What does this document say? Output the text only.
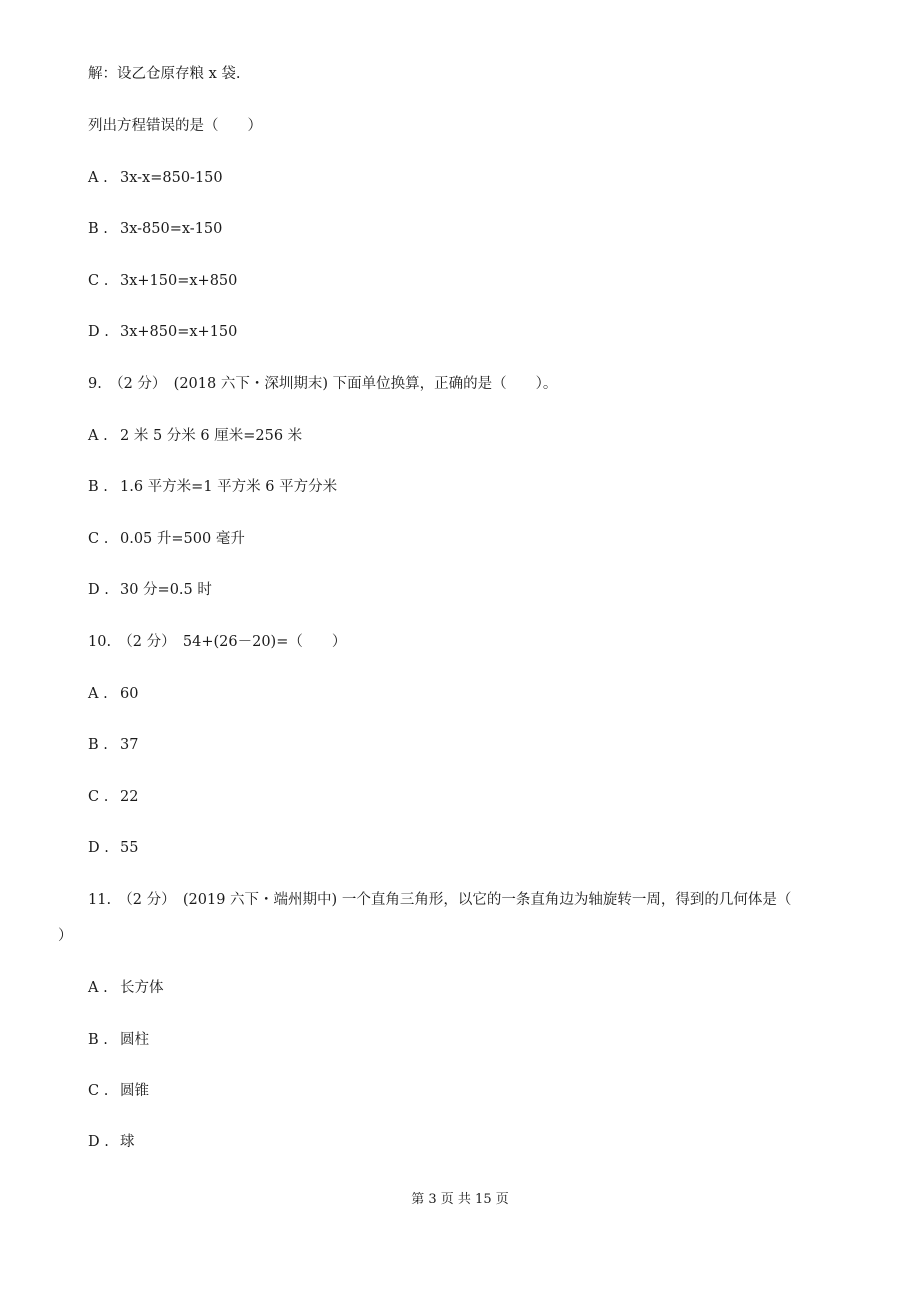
解：设乙仓原存粮 x 袋.
列出方程错误的是（　　）
A . 3x-x=850-150
B . 3x-850=x-150
C . 3x+150=x+850
D . 3x+850=x+150
9.　（2 分）　(2018 六下・深圳期末) 下面单位换算，正确的是（　　）。
A . 2 米 5 分米 6 厘米=256 米
B . 1.6 平方米=1 平方米 6 平方分米
C . 0.05 升=500 毫升
D . 30 分=0.5 时
10.　（2 分）　54+(26－20)=（　　）
A . 60
B . 37
C . 22
D . 55
11.　（2 分）　(2019 六下・端州期中) 一个直角三角形，以它的一条直角边为轴旋转一周，得到的几何体是（
）
A . 长方体
B . 圆柱
C . 圆锥
D . 球
第 3 页 共 15 页
